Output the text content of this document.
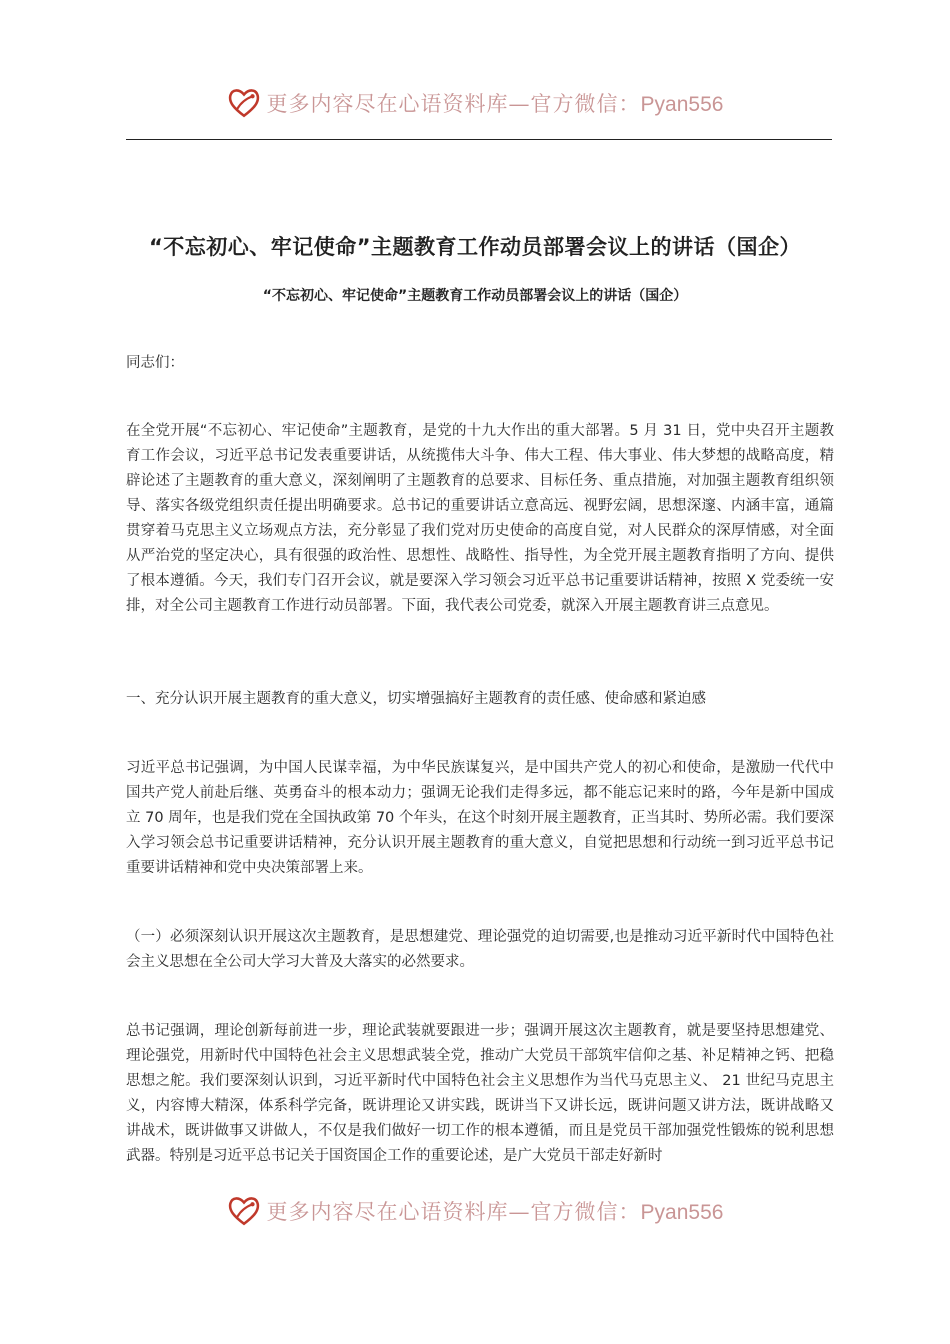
更多内容尽在心语资料库—官方微信：Pyan556
“不忘初心、牢记使命”主题教育工作动员部署会议上的讲话（国企）
“不忘初心、牢记使命”主题教育工作动员部署会议上的讲话（国企）

同志们：

在全党开展“不忘初心、牢记使命”主题教育，是党的十九大作出的重大部署。5 月 31 日，党中央召开主题教育工作会议，习近平总书记发表重要讲话，从统揽伟大斗争、伟大工程、伟大事业、伟大梦想的战略高度，精辟论述了主题教育的重大意义，深刻阐明了主题教育的总要求、目标任务、重点措施，对加强主题教育组织领导、落实各级党组织责任提出明确要求。总书记的重要讲话立意高远、视野宏阔，思想深邃、内涵丰富，通篇贯穿着马克思主义立场观点方法，充分彰显了我们党对历史使命的高度自觉，对人民群众的深厚情感，对全面从严治党的坚定决心，具有很强的政治性、思想性、战略性、指导性，为全党开展主题教育指明了方向、提供了根本遵循。今天，我们专门召开会议，就是要深入学习领会习近平总书记重要讲话精神，按照 X 党委统一安排，对全公司主题教育工作进行动员部署。下面，我代表公司党委，就深入开展主题教育讲三点意见。

一、充分认识开展主题教育的重大意义，切实增强搞好主题教育的责任感、使命感和紧迫感

习近平总书记强调，为中国人民谋幸福，为中华民族谋复兴，是中国共产党人的初心和使命，是激励一代代中国共产党人前赴后继、英勇奋斗的根本动力；强调无论我们走得多远，都不能忘记来时的路，今年是新中国成立 70 周年，也是我们党在全国执政第 70 个年头，在这个时刻开展主题教育，正当其时、势所必需。我们要深入学习领会总书记重要讲话精神，充分认识开展主题教育的重大意义，自觉把思想和行动统一到习近平总书记重要讲话精神和党中央决策部署上来。

（一）必须深刻认识开展这次主题教育，是思想建党、理论强党的迫切需要,也是推动习近平新时代中国特色社会主义思想在全公司大学习大普及大落实的必然要求。

总书记强调，理论创新每前进一步，理论武装就要跟进一步；强调开展这次主题教育，就是要坚持思想建党、理论强党，用新时代中国特色社会主义思想武装全党，推动广大党员干部筑牢信仰之基、补足精神之钙、把稳思想之舵。我们要深刻认识到，习近平新时代中国特色社会主义思想作为当代马克思主义、 21 世纪马克思主义，内容博大精深，体系科学完备，既讲理论又讲实践，既讲当下又讲长远，既讲问题又讲方法，既讲战略又讲战术，既讲做事又讲做人，不仅是我们做好一切工作的根本遵循，而且是党员干部加强党性锻炼的锐利思想武器。特别是习近平总书记关于国资国企工作的重要论述，是广大党员干部走好新时

更多内容尽在心语资料库—官方微信：Pyan556
